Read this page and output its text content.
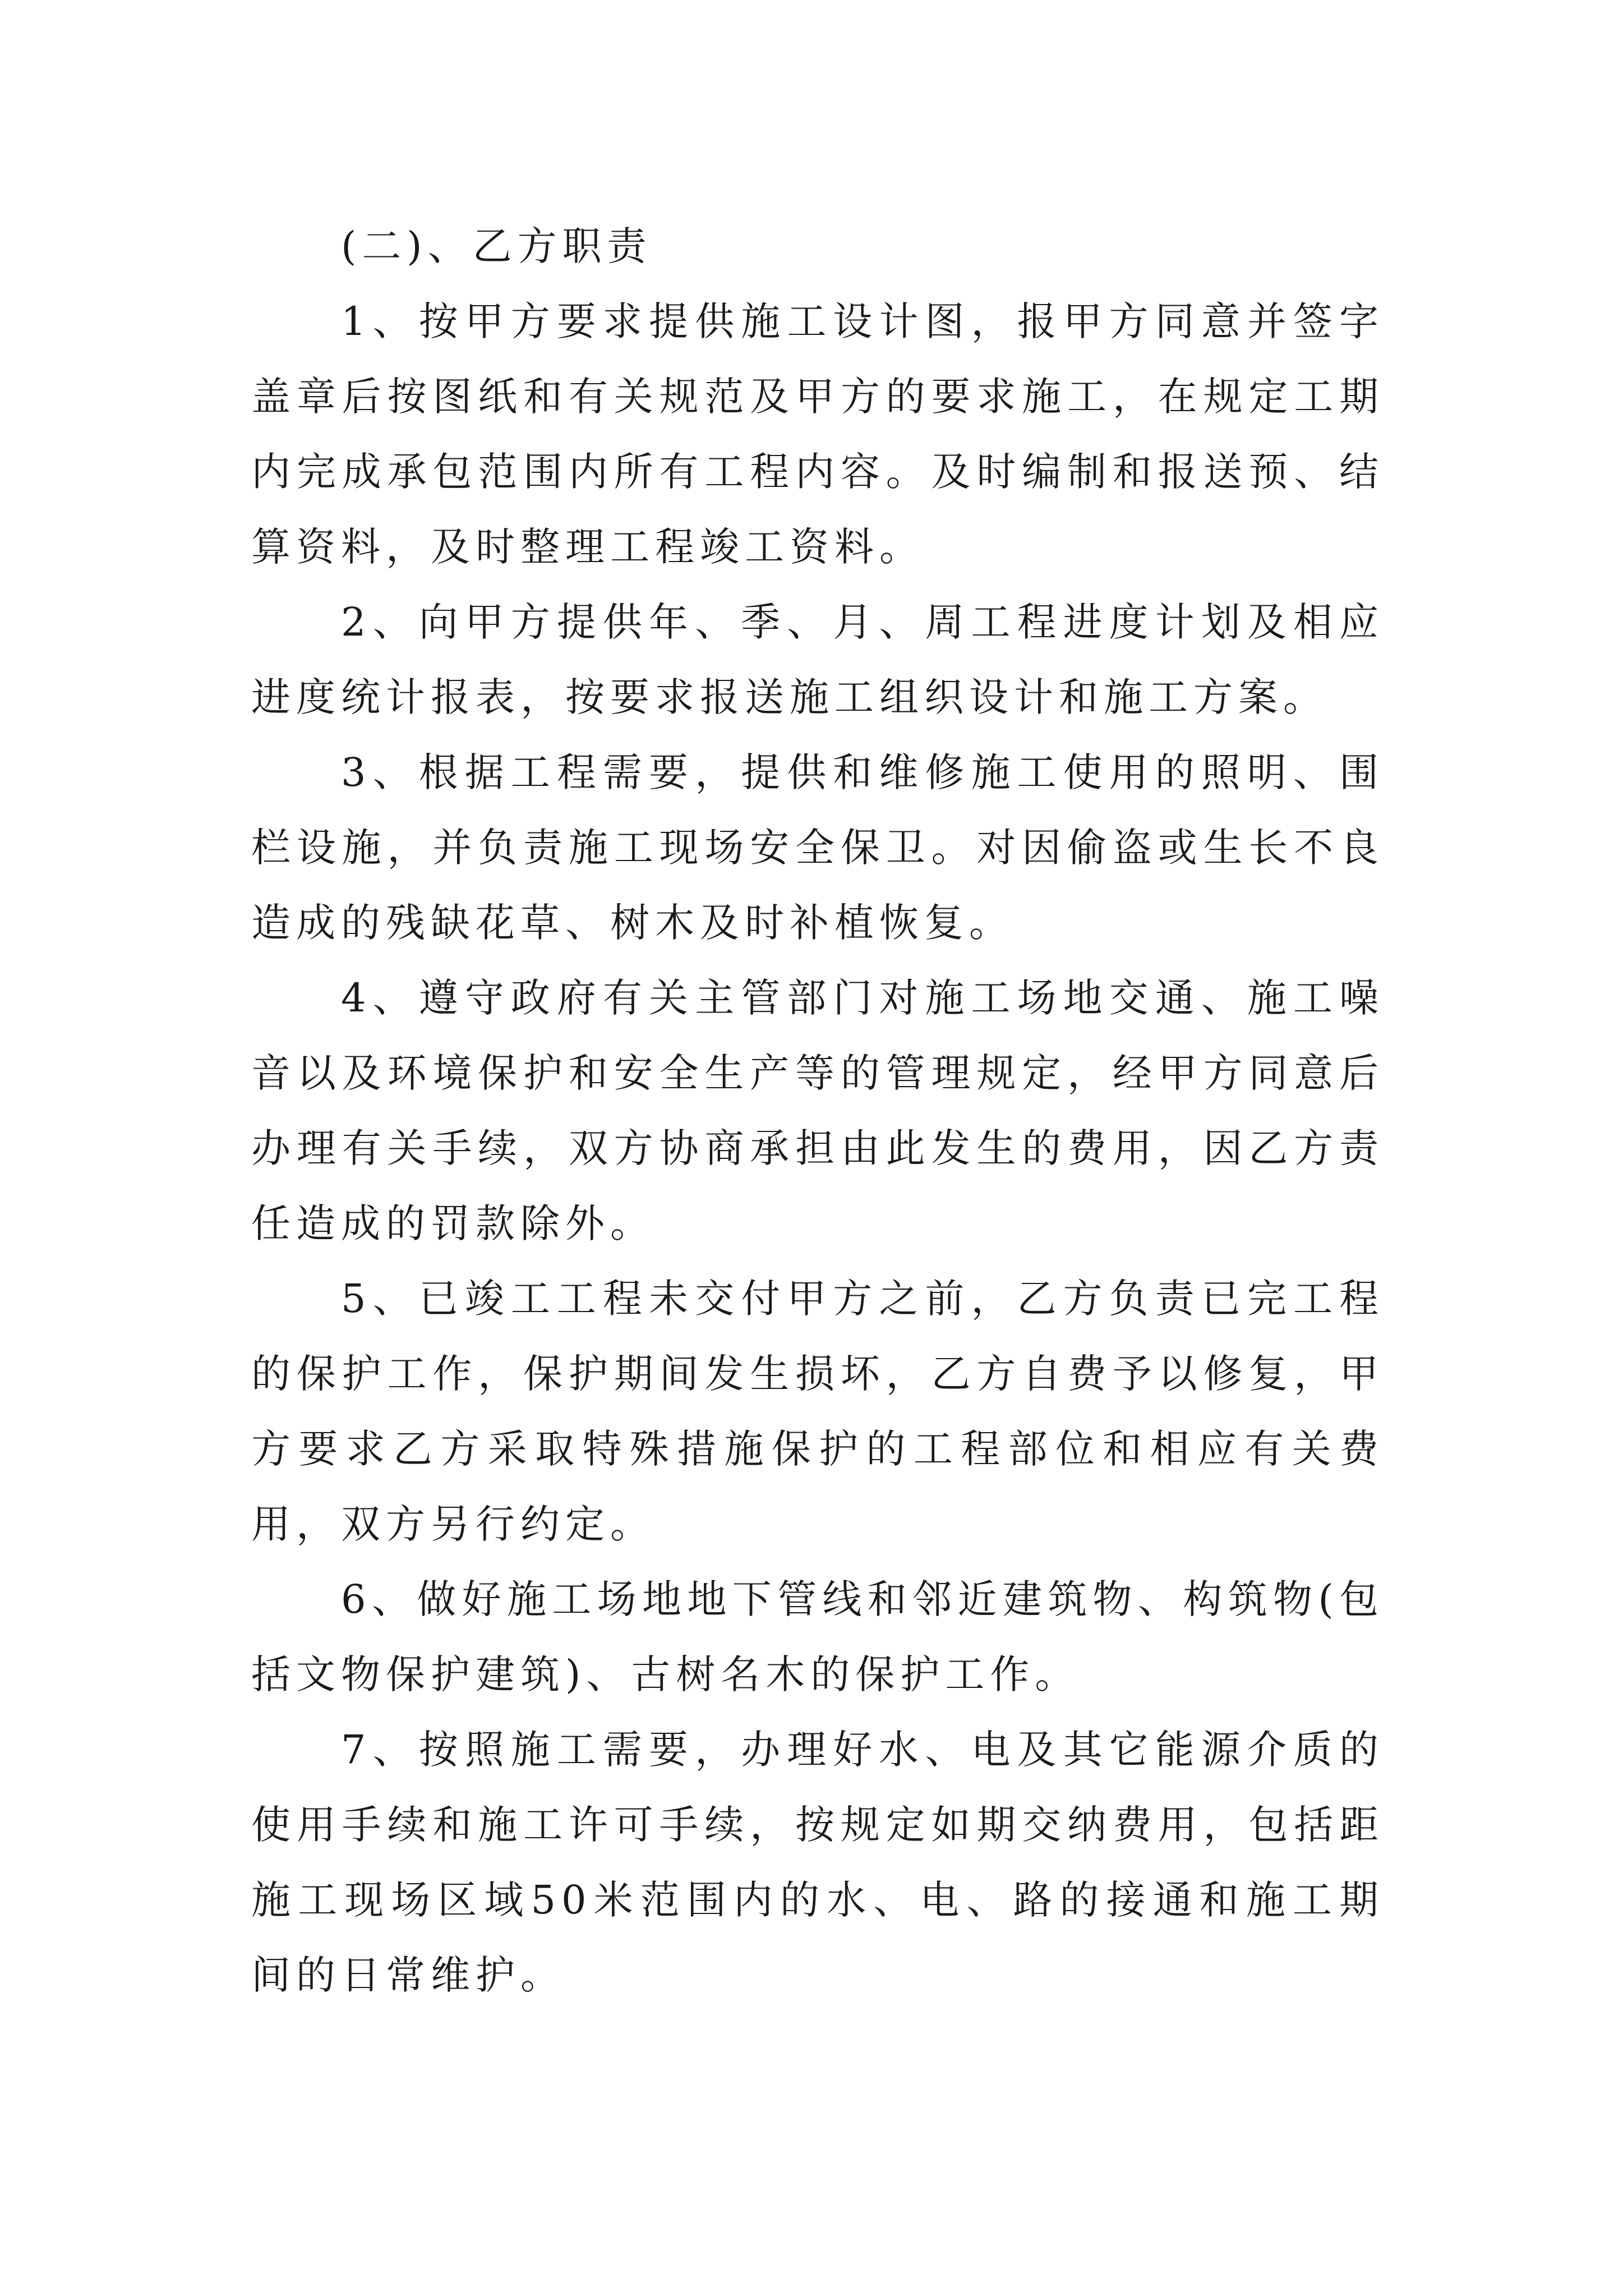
(二)、乙方职责

1、按甲方要求提供施工设计图，报甲方同意并签字盖章后按图纸和有关规范及甲方的要求施工，在规定工期内完成承包范围内所有工程内容。及时编制和报送预、结算资料，及时整理工程竣工资料。

2、向甲方提供年、季、月、周工程进度计划及相应进度统计报表，按要求报送施工组织设计和施工方案。

3、根据工程需要，提供和维修施工使用的照明、围栏设施，并负责施工现场安全保卫。对因偷盗或生长不良造成的残缺花草、树木及时补植恢复。

4、遵守政府有关主管部门对施工场地交通、施工噪音以及环境保护和安全生产等的管理规定，经甲方同意后办理有关手续，双方协商承担由此发生的费用，因乙方责任造成的罚款除外。

5、已竣工工程未交付甲方之前，乙方负责已完工程的保护工作，保护期间发生损坏，乙方自费予以修复，甲方要求乙方采取特殊措施保护的工程部位和相应有关费用，双方另行约定。

6、做好施工场地地下管线和邻近建筑物、构筑物(包括文物保护建筑)、古树名木的保护工作。

7、按照施工需要，办理好水、电及其它能源介质的使用手续和施工许可手续，按规定如期交纳费用，包括距施工现场区域50米范围内的水、电、路的接通和施工期间的日常维护。
